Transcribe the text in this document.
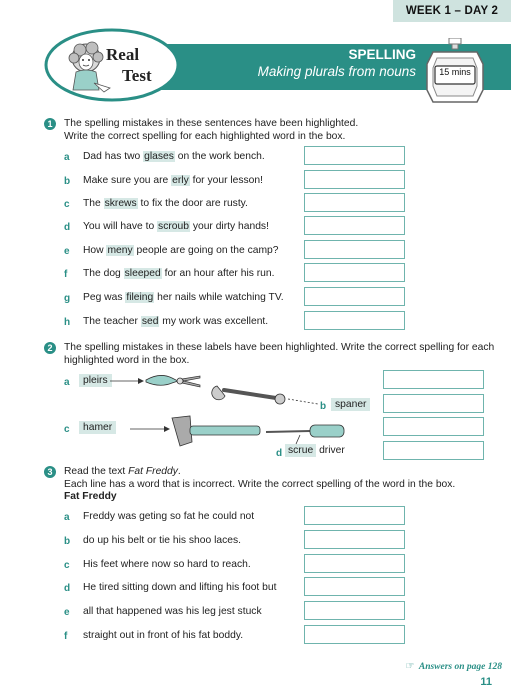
WEEK 1 – DAY 2
SPELLING
Making plurals from nouns
Real
Test	15 mins
1	The spelling mistakes in these sentences have been highlighted.
Write the correct spelling for each highlighted word in the box.
a Dad has two glases on the work bench.
b Make sure you are erly for your lesson!
c The skrews to fix the door are rusty.
d You will have to scroub your dirty hands!
e How meny people are going on the camp?
f The dog sleeped for an hour after his run.
g Peg was fileing her nails while watching TV.
h The teacher sed my work was excellent.
2	The spelling mistakes in these labels have been highlighted. Write the correct spelling for each
highlighted word in the box.
a	pleirs
b spaner
c	hamer
d scrue driver
3	Read the text Fat Freddy.
Each line has a word that is incorrect. Write the correct spelling of the word in the box.
Fat Freddy
a Freddy was geting so fat he could not
b do up his belt or tie his shoo laces.
c His feet where now so hard to reach.
d He tired sitting down and lifting his foot but
e all that happened was his leg jest stuck
f straight out in front of his fat boddy.
☞ Answers on page 128
11
